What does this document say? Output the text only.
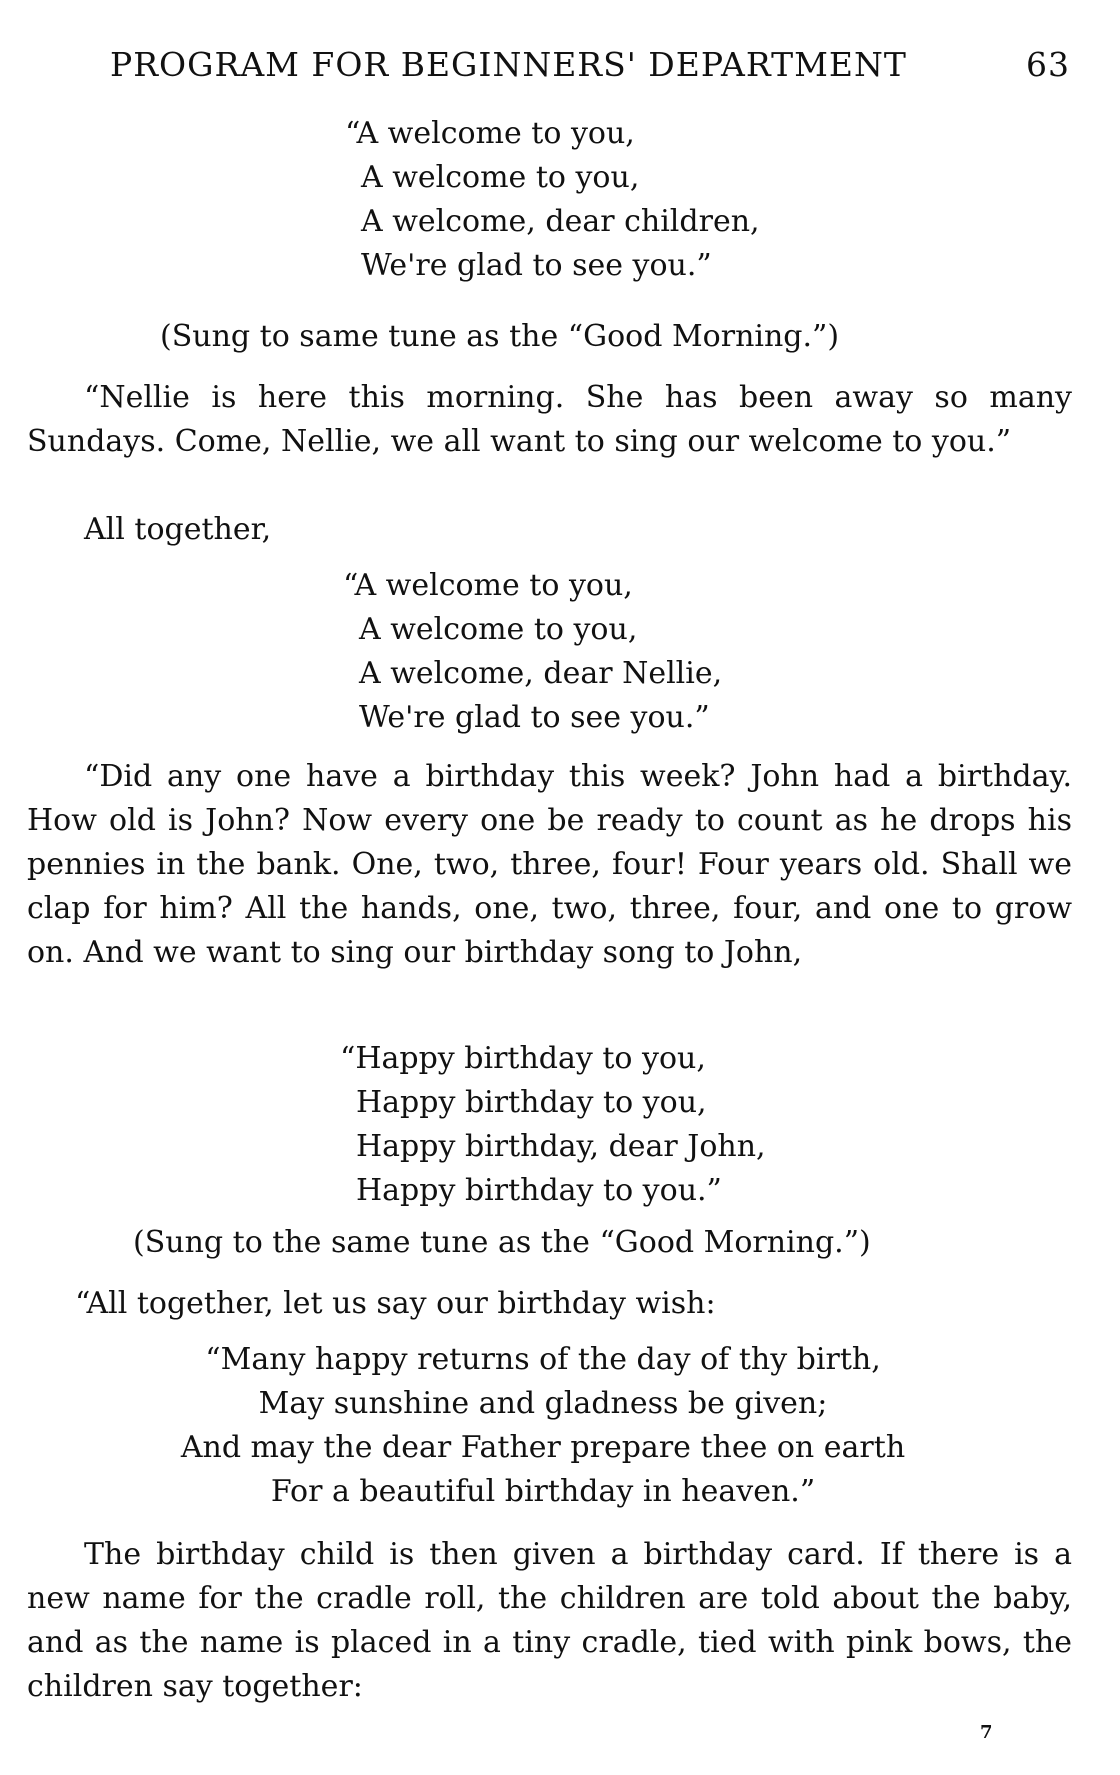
PROGRAM FOR BEGINNERS' DEPARTMENT	63
“A welcome to you,
A welcome to you,
A welcome, dear children,
We're glad to see you.”
(Sung to same tune as the “Good Morning.”)

“Nellie is here this morning. She has been away so many Sundays. Come, Nellie, we all want to sing our welcome to you.”

All together,
“A welcome to you,
A welcome to you,
A welcome, dear Nellie,
We're glad to see you.”

“Did any one have a birthday this week? John had a birthday. How old is John? Now every one be ready to count as he drops his pennies in the bank. One, two, three, four! Four years old. Shall we clap for him? All the hands, one, two, three, four, and one to grow on. And we want to sing our birthday song to John,

“Happy birthday to you,
Happy birthday to you,
Happy birthday, dear John,
Happy birthday to you.”
(Sung to the same tune as the “Good Morning.”)
“All together, let us say our birthday wish:
“Many happy returns of the day of thy birth,
May sunshine and gladness be given;
And may the dear Father prepare thee on earth
For a beautiful birthday in heaven.”

The birthday child is then given a birthday card. If there is a new name for the cradle roll, the children are told about the baby, and as the name is placed in a tiny cradle, tied with pink bows, the children say together:

7
